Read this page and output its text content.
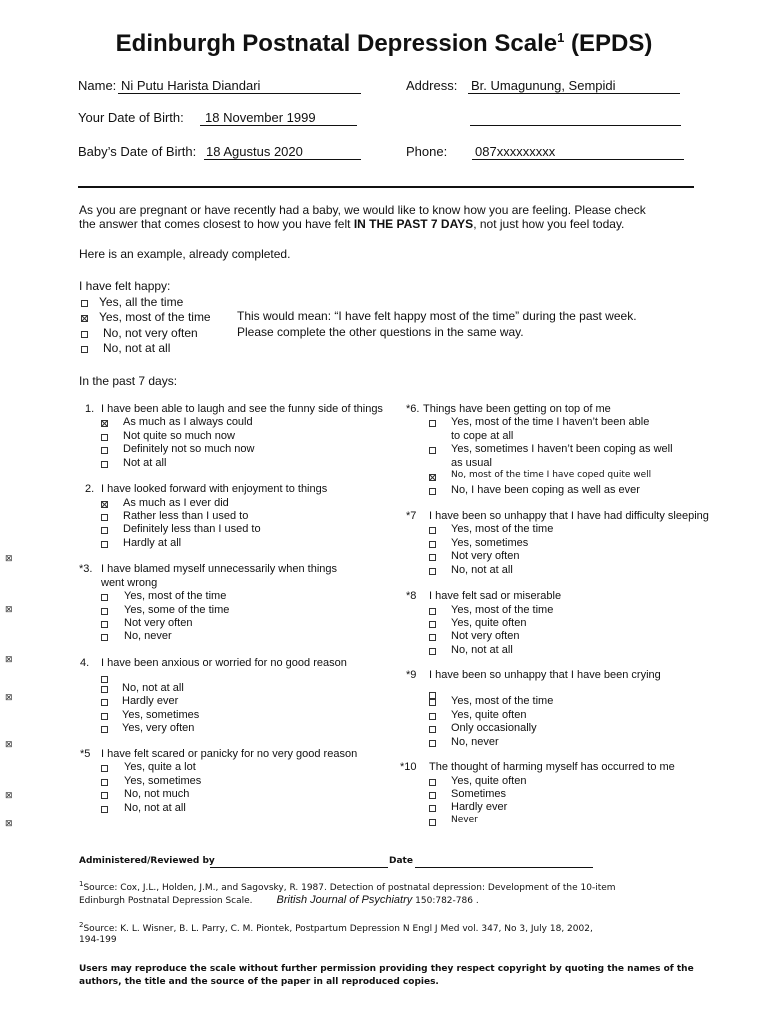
Edinburgh Postnatal Depression Scale$^1$ (EPDS)
Name: Ni Putu Harista Diandari	Address: Br. Umagunung, Sempidi
Your Date of Birth: 18 November 1999
Baby’s Date of Birth: 18 Agustus 2020	Phone: 087xxxxxxxxx
As you are pregnant or have recently had a baby, we would like to know how you are feeling. Please check
the answer that comes closest to how you have felt IN THE PAST 7 DAYS, not just how you feel today.
Here is an example, already completed.
I have felt happy:
Yes, all the time
Yes, most of the time
No, not very often
No, not at all
This would mean: “I have felt happy most of the time” during the past week.
Please complete the other questions in the same way.
In the past 7 days:
1. I have been able to laugh and see the funny side of things
As much as I always could
Not quite so much now
Definitely not so much now
Not at all
2. I have looked forward with enjoyment to things
As much as I ever did
Rather less than I used to
Definitely less than I used to
Hardly at all
*3. I have blamed myself unnecessarily when things
went wrong
Yes, most of the time
Yes, some of the time
Not very often
No, never
4. I have been anxious or worried for no good reason
No, not at all
Hardly ever
Yes, sometimes
Yes, very often
*5 I have felt scared or panicky for no very good reason
Yes, quite a lot
Yes, sometimes
No, not much
No, not at all
*6. Things have been getting on top of me
Yes, most of the time I haven’t been able
to cope at all
Yes, sometimes I haven’t been coping as well
as usual
No, most of the time I have coped quite well
No, I have been coping as well as ever
*7 I have been so unhappy that I have had difficulty sleeping
Yes, most of the time
Yes, sometimes
Not very often
No, not at all
*8 I have felt sad or miserable
Yes, most of the time
Yes, quite often
Not very often
No, not at all
*9 I have been so unhappy that I have been crying
Yes, most of the time
Yes, quite often
Only occasionally
No, never
*10 The thought of harming myself has occurred to me
Yes, quite often
Sometimes
Hardly ever
Never
⊠
⊠
⊠
⊠
⊠
⊠
⊠
Administered/Reviewed by	Date
$^1$Source: Cox, J.L., Holden, J.M., and Sagovsky, R. 1987. Detection of postnatal depression: Development of the 10-item
Edinburgh Postnatal Depression Scale. British Journal of Psychiatry 150:782-786 .
$^2$Source: K. L. Wisner, B. L. Parry, C. M. Piontek, Postpartum Depression N Engl J Med vol. 347, No 3, July 18, 2002,
194-199
Users may reproduce the scale without further permission providing they respect copyright by quoting the names of the
authors, the title and the source of the paper in all reproduced copies.
